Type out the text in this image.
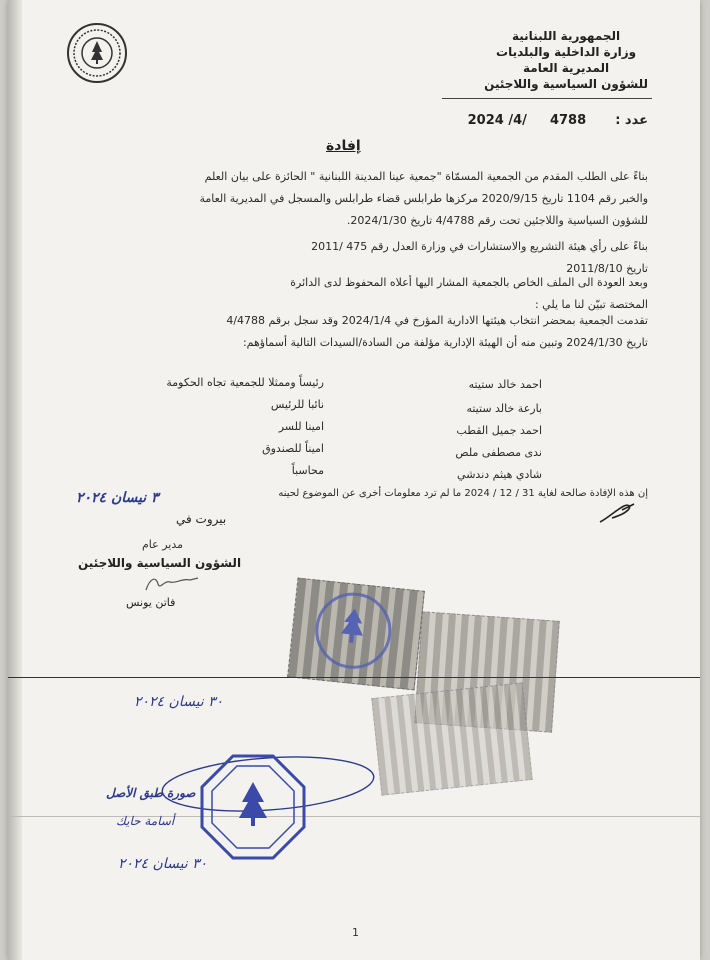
الجمهورية اللبنانية
وزارة الداخلية والبلديات
المديرية العامة
للشؤون السياسية واللاجئين
2024 /4/ 4788 عدد :
إفادة
بناءً على الطلب المقدم من الجمعية المسمّاة "جمعية عينا المدينة اللبنانية " الحائزة على بيان العلم
والخبر رقم 1104 تاريخ 2020/9/15 مركزها طرابلس قضاء طرابلس والمسجل في المديرية العامة
للشؤون السياسية واللاجئين تحت رقم 4/4788 تاريخ 2024/1/30.
بناءً على رأي هيئة التشريع والاستشارات في وزارة العدل رقم 475 /2011
تاريخ 2011/8/10
وبعد العودة الى الملف الخاص بالجمعية المشار اليها أعلاه المحفوظ لدى الدائرة
المختصة تبيّن لنا ما يلي :
تقدمت الجمعية بمحضر انتخاب هيئتها الادارية المؤرخ في 2024/1/4 وقد سجل برقم 4/4788
تاريخ 2024/1/30 وتبين منه أن الهيئة الإدارية مؤلفة من السادة/السيدات التالية أسماؤهم:
احمد خالد ستيته
رئيساً وممثلا للجمعية تجاه الحكومة
بارعة خالد ستيته
نائبا للرئيس
احمد جميل القطب
امينا للسر
ندى مصطفى ملص
اميناً للصندوق
شادي هيثم دندشي
محاسباً
إن هذه الإفادة صالحة لغاية 31 / 12 / 2024 ما لم ترد معلومات أخرى عن الموضوع لحينه
٣ نيسان ٢٠٢٤
بيروت في
مدير عام
الشؤون السياسية واللاجئين
فاتن يونس
٣٠ نيسان ٢٠٢٤
صورة طبق الأصل
أسامة حايك
٣٠ نيسان ٢٠٢٤
1
